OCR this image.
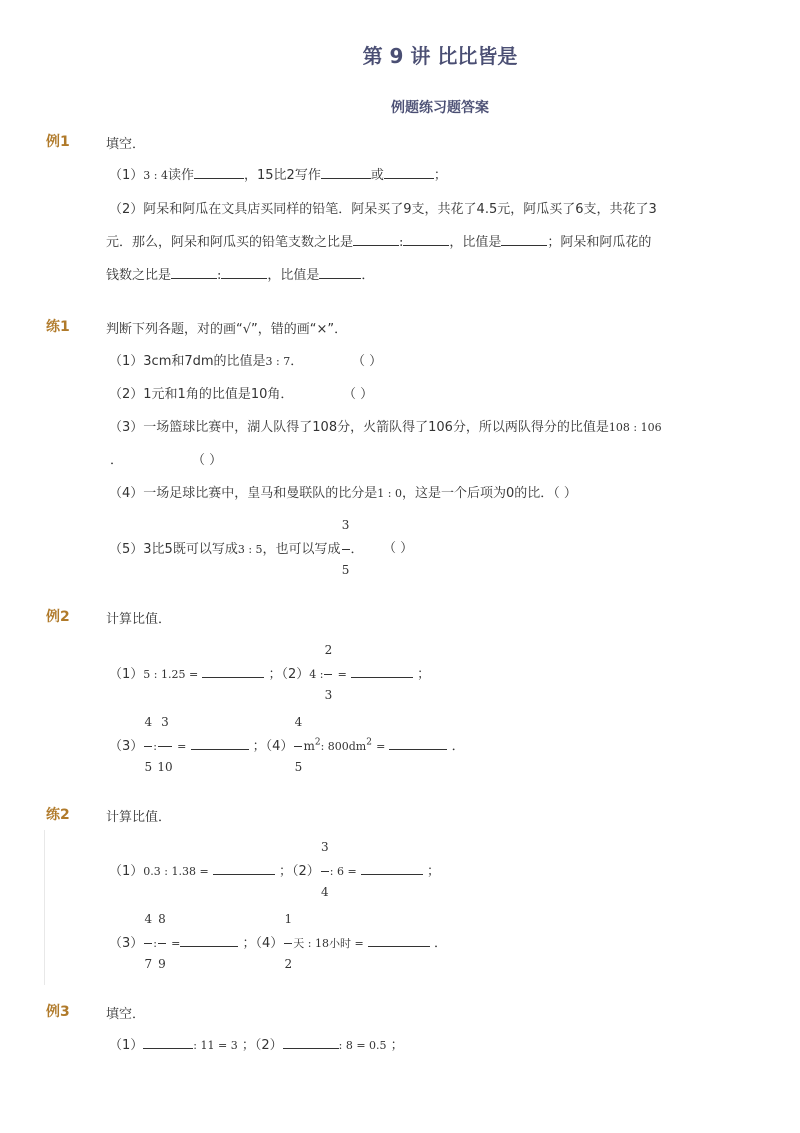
第 9 讲 比比皆是
例题练习题答案
例1	填空．
（1）3 : 4读作	，15比2写作	或	；
（2）阿呆和阿瓜在文具店买同样的铅笔．阿呆买了9支，共花了4.5元，阿瓜买了6支，共花了3
元．那么，阿呆和阿瓜买的铅笔支数之比是	:	，比值是	；阿呆和阿瓜花的
钱数之比是	:	，比值是	．
练1	判断下列各题，对的画“√”，错的画“×”．
（1）3cm和7dm的比值是3 : 7．	（ ）
（2）1元和1角的比值是10角．	（ ）
（3）一场篮球比赛中，湖人队得了108分，火箭队得了106分，所以两队得分的比值是108 : 106
．	（ ）
（4）一场足球比赛中，皇马和曼联队的比分是1 : 0，这是一个后项为0的比．（ ）
（5）3比5既可以写成3 : 5，也可以写成 $\frac{3}{5}$ ． （ ）
例2	计算比值．
（1）5 : 1.25 =	；（2）4 : $\frac{2}{3}$ =	；
$(3) \frac{4}{5}$ : $\frac{3}{10}$ =	；$(4) \frac{4}{5} m^2$: $800dm^2$ =	．
练2	计算比值．
（1）0.3 : 1.38 =	；$(2) \frac{3}{4}$ : 6 =	；
$(3) \frac{4}{7}$ : $\frac{8}{9}$ =	；$(4) \frac{1}{2}$ 天 : 18小时 =	．
例3	填空．
（1）	: 11 = 3 ；（2）	: 8 = 0.5 ；
